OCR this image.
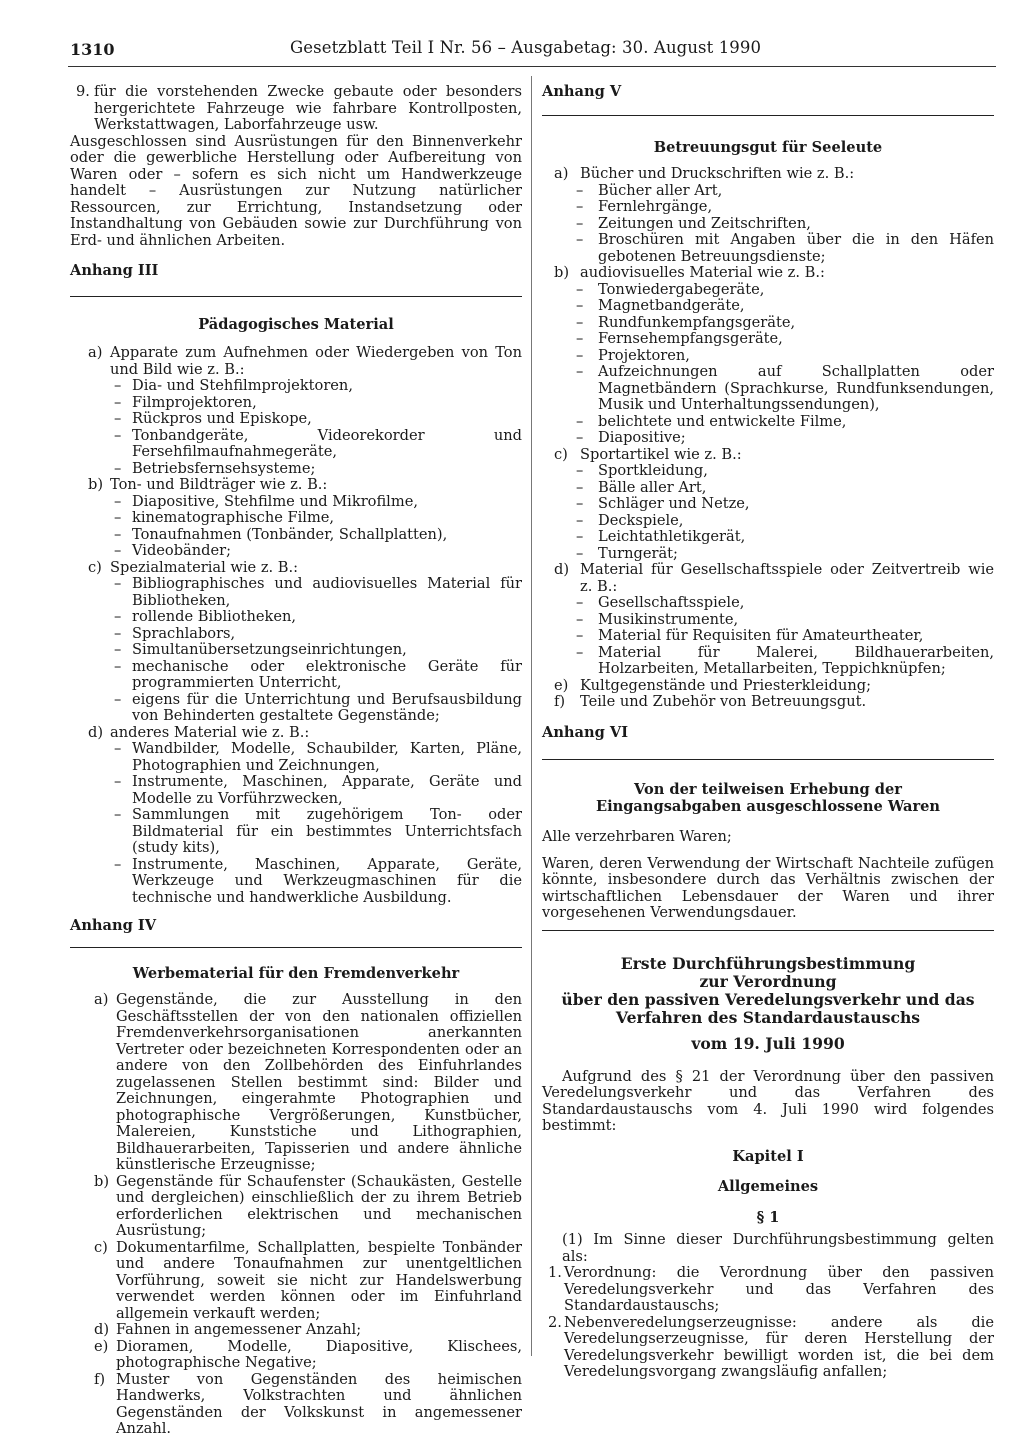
1310	Gesetzblatt Teil I Nr. 56 – Ausgabetag: 30. August 1990
9. für die vorstehenden Zwecke gebaute oder besonders hergerichtete Fahrzeuge wie fahrbare Kontrollposten, Werkstattwagen, Laborfahrzeuge usw.

Ausgeschlossen sind Ausrüstungen für den Binnenverkehr oder die gewerbliche Herstellung oder Aufbereitung von Waren oder – sofern es sich nicht um Handwerkzeuge handelt – Ausrüstungen zur Nutzung natürlicher Ressourcen, zur Errichtung, Instandsetzung oder Instandhaltung von Gebäuden sowie zur Durchführung von Erd- und ähnlichen Arbeiten.

Anhang III

Pädagogisches Material

a) Apparate zum Aufnehmen oder Wiedergeben von Ton und Bild wie z. B.:
– Dia- und Stehfilmprojektoren,
– Filmprojektoren,
– Rückpros und Episkope,
– Tonbandgeräte, Videorekorder und Fersehfilmaufnahmegeräte,
– Betriebsfernsehsysteme;
b) Ton- und Bildträger wie z. B.:
– Diapositive, Stehfilme und Mikrofilme,
– kinematographische Filme,
– Tonaufnahmen (Tonbänder, Schallplatten),
– Videobänder;
c) Spezialmaterial wie z. B.:
– Bibliographisches und audiovisuelles Material für Bibliotheken,
– rollende Bibliotheken,
– Sprachlabors,
– Simultanübersetzungseinrichtungen,
– mechanische oder elektronische Geräte für programmierten Unterricht,
– eigens für die Unterrichtung und Berufsausbildung von Behinderten gestaltete Gegenstände;
d) anderes Material wie z. B.:
– Wandbilder, Modelle, Schaubilder, Karten, Pläne, Photographien und Zeichnungen,
– Instrumente, Maschinen, Apparate, Geräte und Modelle zu Vorführzwecken,
– Sammlungen mit zugehörigem Ton- oder Bildmaterial für ein bestimmtes Unterrichtsfach (study kits),
– Instrumente, Maschinen, Apparate, Geräte, Werkzeuge und Werkzeugmaschinen für die technische und handwerkliche Ausbildung.

Anhang IV

Werbematerial für den Fremdenverkehr

a) Gegenstände, die zur Ausstellung in den Geschäftsstellen der von den nationalen offiziellen Fremdenverkehrsorganisationen anerkannten Vertreter oder bezeichneten Korrespondenten oder an andere von den Zollbehörden des Einfuhrlandes zugelassenen Stellen bestimmt sind: Bilder und Zeichnungen, eingerahmte Photographien und photographische Vergrößerungen, Kunstbücher, Malereien, Kunststiche und Lithographien, Bildhauerarbeiten, Tapisserien und andere ähnliche künstlerische Erzeugnisse;
b) Gegenstände für Schaufenster (Schaukästen, Gestelle und dergleichen) einschließlich der zu ihrem Betrieb erforderlichen elektrischen und mechanischen Ausrüstung;
c) Dokumentarfilme, Schallplatten, bespielte Tonbänder und andere Tonaufnahmen zur unentgeltlichen Vorführung, soweit sie nicht zur Handelswerbung verwendet werden können oder im Einfuhrland allgemein verkauft werden;
d) Fahnen in angemessener Anzahl;
e) Dioramen, Modelle, Diapositive, Klischees, photographische Negative;
f) Muster von Gegenständen des heimischen Handwerks, Volkstrachten und ähnlichen Gegenständen der Volkskunst in angemessener Anzahl.

Anhang V

Betreuungsgut für Seeleute

a) Bücher und Druckschriften wie z. B.:
– Bücher aller Art,
– Fernlehrgänge,
– Zeitungen und Zeitschriften,
– Broschüren mit Angaben über die in den Häfen gebotenen Betreuungsdienste;
b) audiovisuelles Material wie z. B.:
– Tonwiedergabegeräte,
– Magnetbandgeräte,
– Rundfunkempfangsgeräte,
– Fernsehempfangsgeräte,
– Projektoren,
– Aufzeichnungen auf Schallplatten oder Magnetbändern (Sprachkurse, Rundfunksendungen, Musik und Unterhaltungssendungen),
– belichtete und entwickelte Filme,
– Diapositive;
c) Sportartikel wie z. B.:
– Sportkleidung,
– Bälle aller Art,
– Schläger und Netze,
– Deckspiele,
– Leichtathletikgerät,
– Turngerät;
d) Material für Gesellschaftsspiele oder Zeitvertreib wie z. B.:
– Gesellschaftsspiele,
– Musikinstrumente,
– Material für Requisiten für Amateurtheater,
– Material für Malerei, Bildhauerarbeiten, Holzarbeiten, Metallarbeiten, Teppichknüpfen;
e) Kultgegenstände und Priesterkleidung;
f) Teile und Zubehör von Betreuungsgut.

Anhang VI

Von der teilweisen Erhebung der Eingangsabgaben ausgeschlossene Waren

Alle verzehrbaren Waren;

Waren, deren Verwendung der Wirtschaft Nachteile zufügen könnte, insbesondere durch das Verhältnis zwischen der wirtschaftlichen Lebensdauer der Waren und ihrer vorgesehenen Verwendungsdauer.

Erste Durchführungsbestimmung

zur Verordnung

über den passiven Veredelungsverkehr und das

Verfahren des Standardaustauschs

vom 19. Juli 1990

Aufgrund des § 21 der Verordnung über den passiven Veredelungsverkehr und das Verfahren des Standardaustauschs vom 4. Juli 1990 wird folgendes bestimmt:

Kapitel I

Allgemeines

§ 1

(1) Im Sinne dieser Durchführungsbestimmung gelten als:

1. Verordnung: die Verordnung über den passiven Veredelungsverkehr und das Verfahren des Standardaustauschs;
2. Nebenveredelungserzeugnisse: andere als die Veredelungserzeugnisse, für deren Herstellung der Veredelungsverkehr bewilligt worden ist, die bei dem Veredelungsvorgang zwangsläufig anfallen;
